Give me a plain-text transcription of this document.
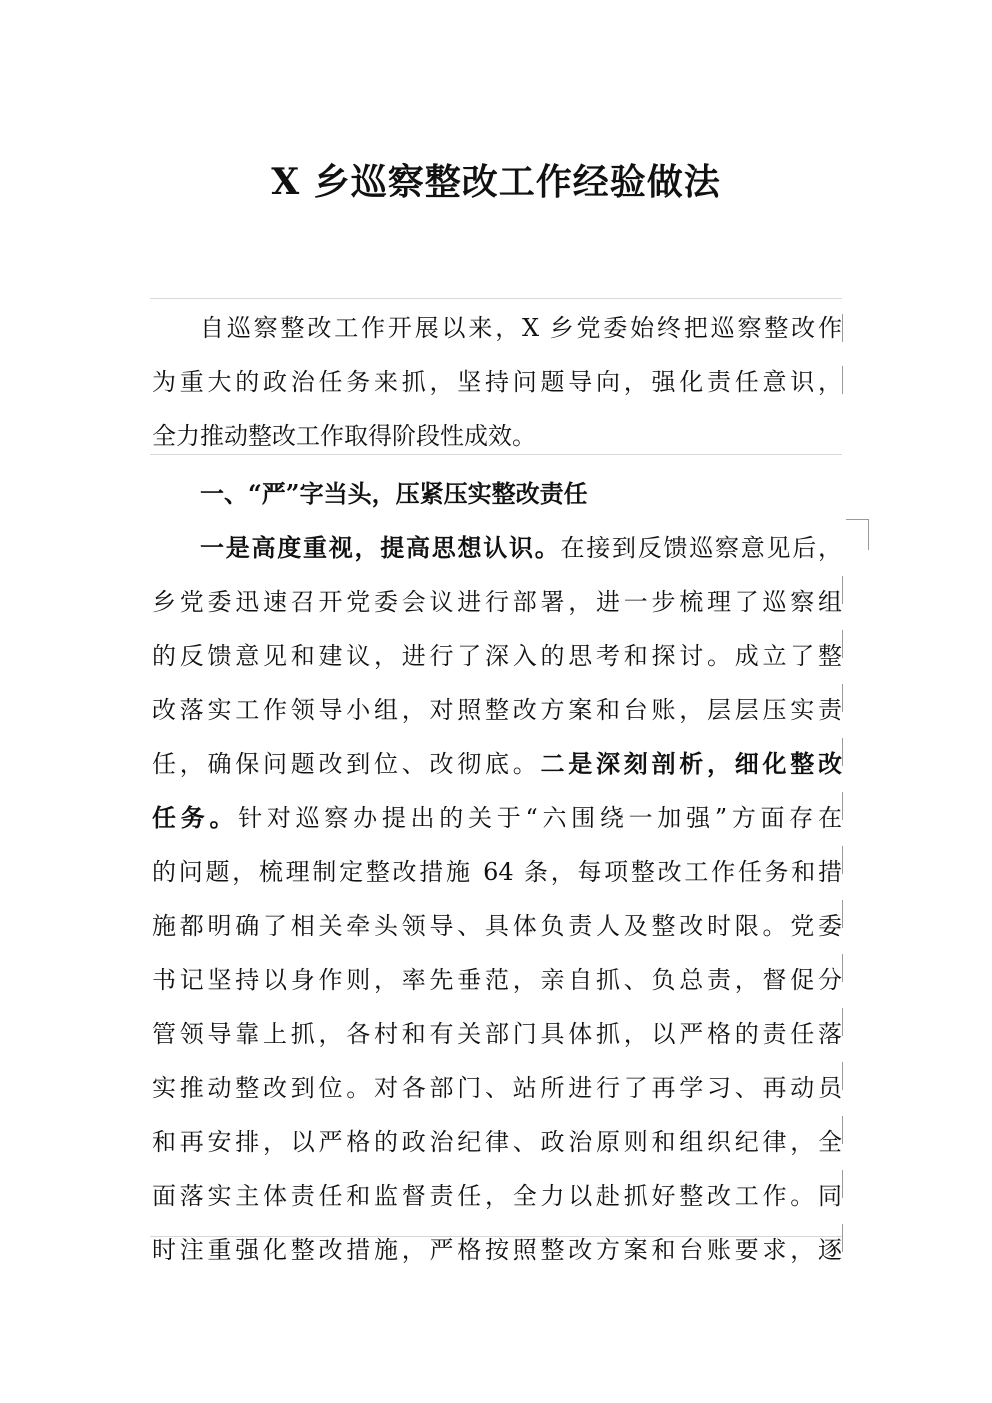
X 乡巡察整改工作经验做法
自巡察整改工作开展以来，X 乡党委始终把巡察整改作
为重大的政治任务来抓，坚持问题导向，强化责任意识，
全力推动整改工作取得阶段性成效。
一、“严”字当头，压紧压实整改责任
一是高度重视，提高思想认识。在接到反馈巡察意见后，
乡党委迅速召开党委会议进行部署，进一步梳理了巡察组
的反馈意见和建议，进行了深入的思考和探讨。成立了整
改落实工作领导小组，对照整改方案和台账，层层压实责
任，确保问题改到位、改彻底。二是深刻剖析，细化整改
任务。针对巡察办提出的关于“六围绕一加强”方面存在
的问题，梳理制定整改措施 64 条，每项整改工作任务和措
施都明确了相关牵头领导、具体负责人及整改时限。党委
书记坚持以身作则，率先垂范，亲自抓、负总责，督促分
管领导靠上抓，各村和有关部门具体抓，以严格的责任落
实推动整改到位。对各部门、站所进行了再学习、再动员
和再安排，以严格的政治纪律、政治原则和组织纪律，全
面落实主体责任和监督责任，全力以赴抓好整改工作。同
时注重强化整改措施，严格按照整改方案和台账要求，逐
